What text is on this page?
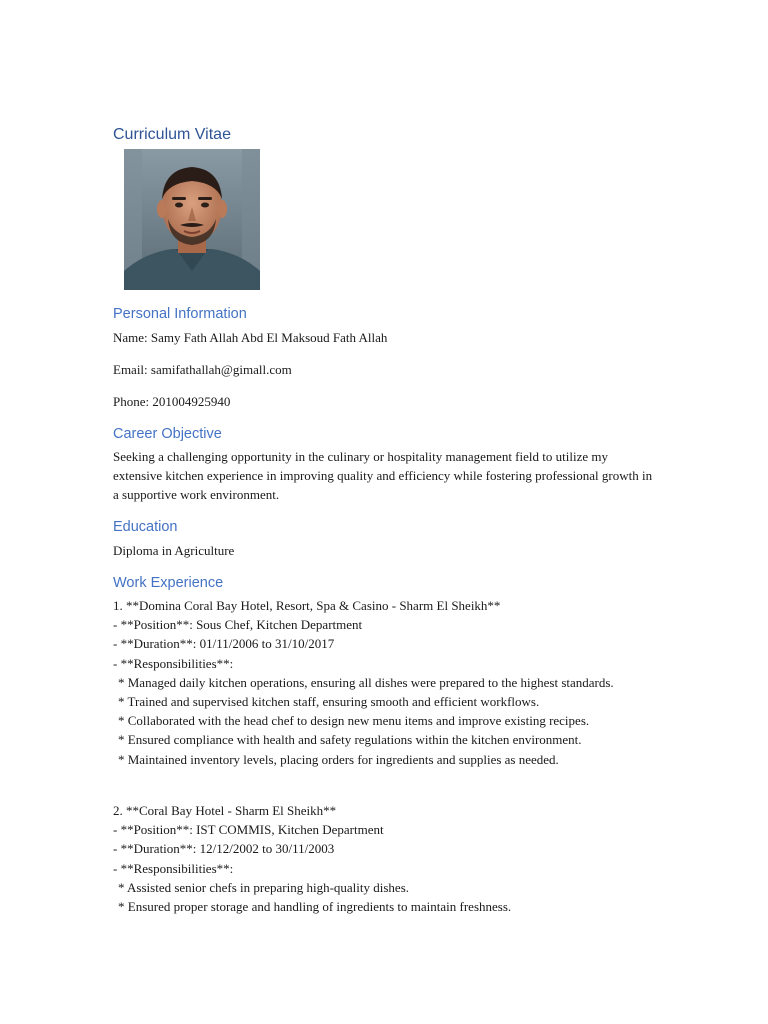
Curriculum Vitae
Personal Information
Name: Samy Fath Allah Abd El Maksoud Fath Allah
Email: samifathallah@gimall.com
Phone: 201004925940
Career Objective
Seeking a challenging opportunity in the culinary or hospitality management field to utilize my extensive kitchen experience in improving quality and efficiency while fostering professional growth in a supportive work environment.
Education
Diploma in Agriculture
Work Experience
1. **Domina Coral Bay Hotel, Resort, Spa & Casino - Sharm El Sheikh**
- **Position**: Sous Chef, Kitchen Department
- **Duration**: 01/11/2006 to 31/10/2017
- **Responsibilities**:
* Managed daily kitchen operations, ensuring all dishes were prepared to the highest standards.
* Trained and supervised kitchen staff, ensuring smooth and efficient workflows.
* Collaborated with the head chef to design new menu items and improve existing recipes.
* Ensured compliance with health and safety regulations within the kitchen environment.
* Maintained inventory levels, placing orders for ingredients and supplies as needed.
2. **Coral Bay Hotel - Sharm El Sheikh**
- **Position**: IST COMMIS, Kitchen Department
- **Duration**: 12/12/2002 to 30/11/2003
- **Responsibilities**:
* Assisted senior chefs in preparing high-quality dishes.
* Ensured proper storage and handling of ingredients to maintain freshness.
